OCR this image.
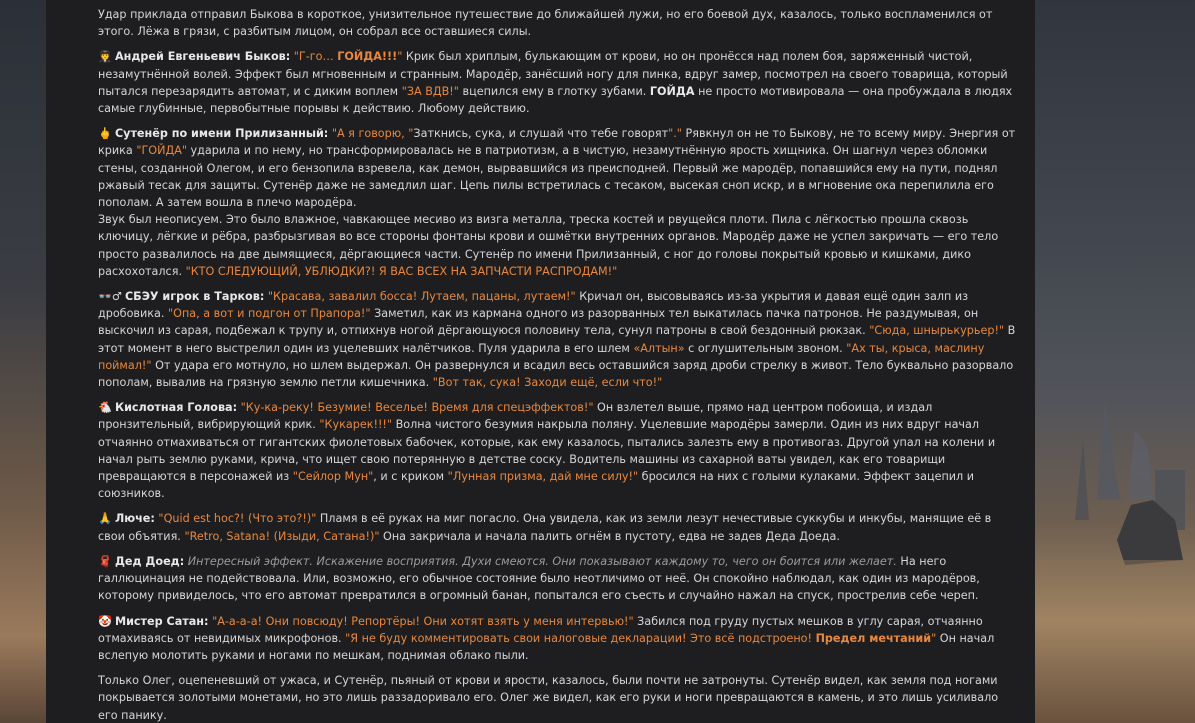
Удар приклада отправил Быкова в короткое, унизительное путешествие до ближайшей лужи, но его боевой дух, казалось, только воспламенился от этого. Лёжа в грязи, с разбитым лицом, он собрал все оставшиеся силы.

🧑‍✈️ Андрей Евгеньевич Быков: "Г-го… ГОЙДА!!!" Крик был хриплым, булькающим от крови, но он пронёсся над полем боя, заряженный чистой, незамутнённой волей. Эффект был мгновенным и странным. Мародёр, занёсший ногу для пинка, вдруг замер, посмотрел на своего товарища, который пытался перезарядить автомат, и с диким воплем "ЗА ВДВ!" вцепился ему в глотку зубами. ГОЙДА не просто мотивировала — она пробуждала в людях самые глубинные, первобытные порывы к действию. Любому действию.

🖕 Сутенёр по имени Прилизанный: "А я говорю, "Заткнись, сука, и слушай что тебе говорят"." Рявкнул он не то Быкову, не то всему миру. Энергия от крика "ГОЙДА" ударила и по нему, но трансформировалась не в патриотизм, а в чистую, незамутнённую ярость хищника. Он шагнул через обломки стены, созданной Олегом, и его бензопила взревела, как демон, вырвавшийся из преисподней. Первый же мародёр, попавшийся ему на пути, поднял ржавый тесак для защиты. Сутенёр даже не замедлил шаг. Цепь пилы встретилась с тесаком, высекая сноп искр, и в мгновение ока перепилила его пополам. А затем вошла в плечо мародёра.

Звук был неописуем. Это было влажное, чавкающее месиво из визга металла, треска костей и рвущейся плоти. Пила с лёгкостью прошла сквозь ключицу, лёгкие и рёбра, разбрызгивая во все стороны фонтаны крови и ошмётки внутренних органов. Мародёр даже не успел закричать — его тело просто развалилось на две дымящиеся, дёргающиеся части. Сутенёр по имени Прилизанный, с ног до головы покрытый кровью и кишками, дико расхохотался. "КТО СЛЕДУЮЩИЙ, УБЛЮДКИ?! Я ВАС ВСЕХ НА ЗАПЧАСТИ РАСПРОДАМ!"

👓♂ СБЭУ игрок в Тарков: "Красава, завалил босса! Лутаем, пацаны, лутаем!" Кричал он, высовываясь из-за укрытия и давая ещё один залп из дробовика. "Опа, а вот и подгон от Прапора!" Заметил, как из кармана одного из разорванных тел выкатилась пачка патронов. Не раздумывая, он выскочил из сарая, подбежал к трупу и, отпихнув ногой дёргающуюся половину тела, сунул патроны в свой бездонный рюкзак. "Сюда, шнырькурьер!" В этот момент в него выстрелил один из уцелевших налётчиков. Пуля ударила в его шлем «Алтын» с оглушительным звоном. "Ах ты, крыса, маслину поймал!" От удара его мотнуло, но шлем выдержал. Он развернулся и всадил весь оставшийся заряд дроби стрелку в живот. Тело буквально разорвало пополам, вывалив на грязную землю петли кишечника. "Вот так, сука! Заходи ещё, если что!"

🐔 Кислотная Голова: "Ку-ка-реку! Безумие! Веселье! Время для спецэффектов!" Он взлетел выше, прямо над центром побоища, и издал пронзительный, вибрирующий крик. "Кукарек!!!" Волна чистого безумия накрыла поляну. Уцелевшие мародёры замерли. Один из них вдруг начал отчаянно отмахиваться от гигантских фиолетовых бабочек, которые, как ему казалось, пытались залезть ему в противогаз. Другой упал на колени и начал рыть землю руками, крича, что ищет свою потерянную в детстве соску. Водитель машины из сахарной ваты увидел, как его товарищи превращаются в персонажей из "Сейлор Мун", и с криком "Лунная призма, дай мне силу!" бросился на них с голыми кулаками. Эффект зацепил и союзников.

🙏 Люче: "Quid est hoc?! (Что это?!)" Пламя в её руках на миг погасло. Она увидела, как из земли лезут нечестивые суккубы и инкубы, манящие её в свои объятия. "Retro, Satana! (Изыди, Сатана!)" Она закричала и начала палить огнём в пустоту, едва не задев Деда Доеда.

🧣 Дед Доед: Интересный эффект. Искажение восприятия. Духи смеются. Они показывают каждому то, чего он боится или желает. На него галлюцинация не подействовала. Или, возможно, его обычное состояние было неотличимо от неё. Он спокойно наблюдал, как один из мародёров, которому привиделось, что его автомат превратился в огромный банан, попытался его съесть и случайно нажал на спуск, прострелив себе череп.

🤡 Мистер Сатан: "А-а-а-а! Они повсюду! Репортёры! Они хотят взять у меня интервью!" Забился под груду пустых мешков в углу сарая, отчаянно отмахиваясь от невидимых микрофонов. "Я не буду комментировать свои налоговые декларации! Это всё подстроено! Предел мечтаний" Он начал вслепую молотить руками и ногами по мешкам, поднимая облако пыли.

Только Олег, оцепеневший от ужаса, и Сутенёр, пьяный от крови и ярости, казалось, были почти не затронуты. Сутенёр видел, как земля под ногами покрывается золотыми монетами, но это лишь раззадоривало его. Олег же видел, как его руки и ноги превращаются в камень, и это лишь усиливало его панику.
